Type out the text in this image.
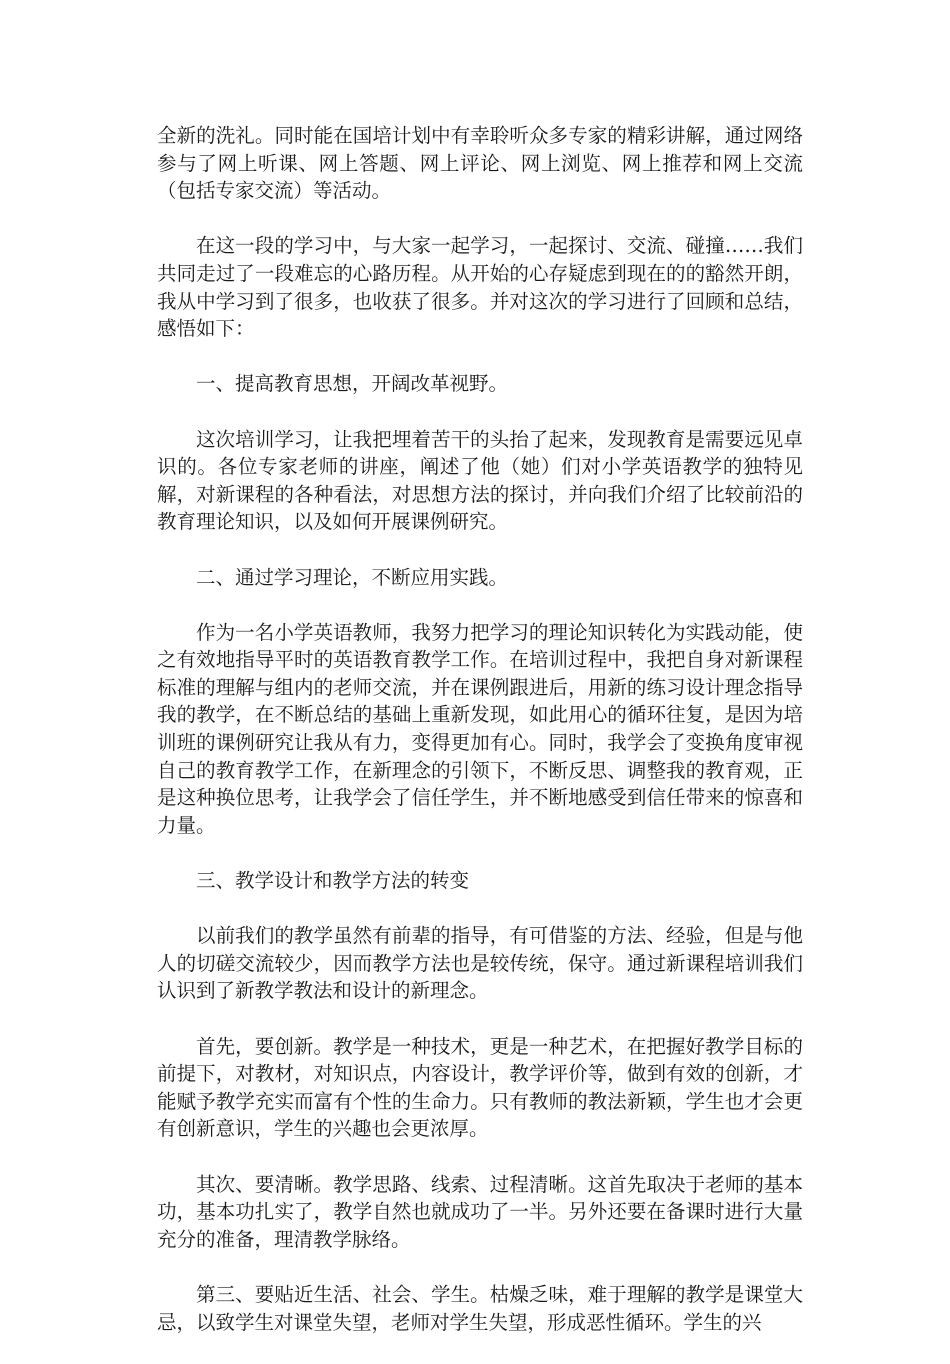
全新的洗礼。同时能在国培计划中有幸聆听众多专家的精彩讲解，通过网络参与了网上听课、网上答题、网上评论、网上浏览、网上推荐和网上交流（包括专家交流）等活动。

在这一段的学习中，与大家一起学习，一起探讨、交流、碰撞……我们共同走过了一段难忘的心路历程。从开始的心存疑虑到现在的的豁然开朗，我从中学习到了很多，也收获了很多。并对这次的学习进行了回顾和总结，感悟如下：

一、提高教育思想，开阔改革视野。

这次培训学习，让我把埋着苦干的头抬了起来，发现教育是需要远见卓识的。各位专家老师的讲座，阐述了他（她）们对小学英语教学的独特见解，对新课程的各种看法，对思想方法的探讨，并向我们介绍了比较前沿的教育理论知识，以及如何开展课例研究。

二、通过学习理论，不断应用实践。

作为一名小学英语教师，我努力把学习的理论知识转化为实践动能，使之有效地指导平时的英语教育教学工作。在培训过程中，我把自身对新课程标准的理解与组内的老师交流，并在课例跟进后，用新的练习设计理念指导我的教学，在不断总结的基础上重新发现，如此用心的循环往复，是因为培训班的课例研究让我从有力，变得更加有心。同时，我学会了变换角度审视自己的教育教学工作，在新理念的引领下，不断反思、调整我的教育观，正是这种换位思考，让我学会了信任学生，并不断地感受到信任带来的惊喜和力量。

三、教学设计和教学方法的转变

以前我们的教学虽然有前辈的指导，有可借鉴的方法、经验，但是与他人的切磋交流较少，因而教学方法也是较传统，保守。通过新课程培训我们认识到了新教学教法和设计的新理念。

首先，要创新。教学是一种技术，更是一种艺术，在把握好教学目标的前提下，对教材，对知识点，内容设计，教学评价等，做到有效的创新，才能赋予教学充实而富有个性的生命力。只有教师的教法新颖，学生也才会更有创新意识，学生的兴趣也会更浓厚。

其次、要清晰。教学思路、线索、过程清晰。这首先取决于老师的基本功，基本功扎实了，教学自然也就成功了一半。另外还要在备课时进行大量充分的准备，理清教学脉络。

第三、要贴近生活、社会、学生。枯燥乏味，难于理解的教学是课堂大忌，以致学生对课堂失望，老师对学生失望，形成恶性循环。学生的兴
